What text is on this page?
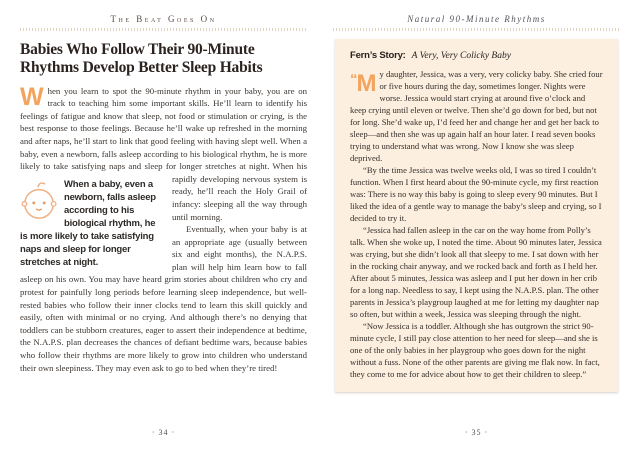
The Beat Goes On
Babies Who Follow Their 90-Minute Rhythms Develop Better Sleep Habits

When you learn to spot the 90-minute rhythm in your baby, you are on track to teaching him some important skills. He’ll learn to identify his feelings of fatigue and know that sleep, not food or stimulation or crying, is the best response to those feelings. Because he’ll wake up refreshed in the morning and after naps, he’ll start to link that good feeling with having slept well. When a baby, even a newborn, falls asleep according to his biological rhythm, he is more likely to take satisfying naps and sleep for
When a baby, even a newborn, falls asleep according to his biological rhythm, he is more likely to take satisfying naps and sleep for longer stretches at night.
longer stretches at night. When his rapidly developing nervous system is ready, he’ll reach the Holy Grail of infancy: sleeping all the way through until morning.

Eventually, when your baby is at an appropriate age (usually between six and eight months), the N.A.P.S. plan will help him learn how to fall asleep on his own. You may have heard grim stories about children who cry and protest for painfully long periods before learning sleep independence, but well-rested babies who follow their inner clocks tend to learn this skill quickly and easily, often with minimal or no crying. And although there’s no denying that toddlers can be stubborn creatures, eager to assert their independence at bedtime, the N.A.P.S. plan decreases the chances of defiant bedtime wars, because babies who follow their rhythms are more likely to grow into children who understand their own sleepiness. They may even ask to go to bed when they’re tired!

· 34 ·
Natural 90-Minute Rhythms
Fern’s Story: A Very, Very Colicky Baby

“M y daughter, Jessica, was a very, very colicky baby. She cried four or five hours during the day, sometimes longer. Nights were worse. Jessica would start crying at around five o’clock and keep crying until eleven or twelve. Then she’d go down for bed, but not for long. She’d wake up, I’d feed her and change her and get her back to sleep—and then she was up again half an hour later. I read seven books trying to understand what was wrong. Now I know she was sleep deprived.

“By the time Jessica was twelve weeks old, I was so tired I couldn’t function. When I first heard about the 90-minute cycle, my first reaction was: There is no way this baby is going to sleep every 90 minutes. But I liked the idea of a gentle way to manage the baby’s sleep and crying, so I decided to try it.

“Jessica had fallen asleep in the car on the way home from Polly’s talk. When she woke up, I noted the time. About 90 minutes later, Jessica was crying, but she didn’t look all that sleepy to me. I sat down with her in the rocking chair anyway, and we rocked back and forth as I held her. After about 5 minutes, Jessica was asleep and I put her down in her crib for a long nap. Needless to say, I kept using the N.A.P.S. plan. The other parents in Jessica’s playgroup laughed at me for letting my daughter nap so often, but within a week, Jessica was sleeping through the night.

“Now Jessica is a toddler. Although she has outgrown the strict 90-minute cycle, I still pay close attention to her need for sleep—and she is one of the only babies in her playgroup who goes down for the night without a fuss. None of the other parents are giving me flak now. In fact, they come to me for advice about how to get their children to sleep.”

· 35 ·
